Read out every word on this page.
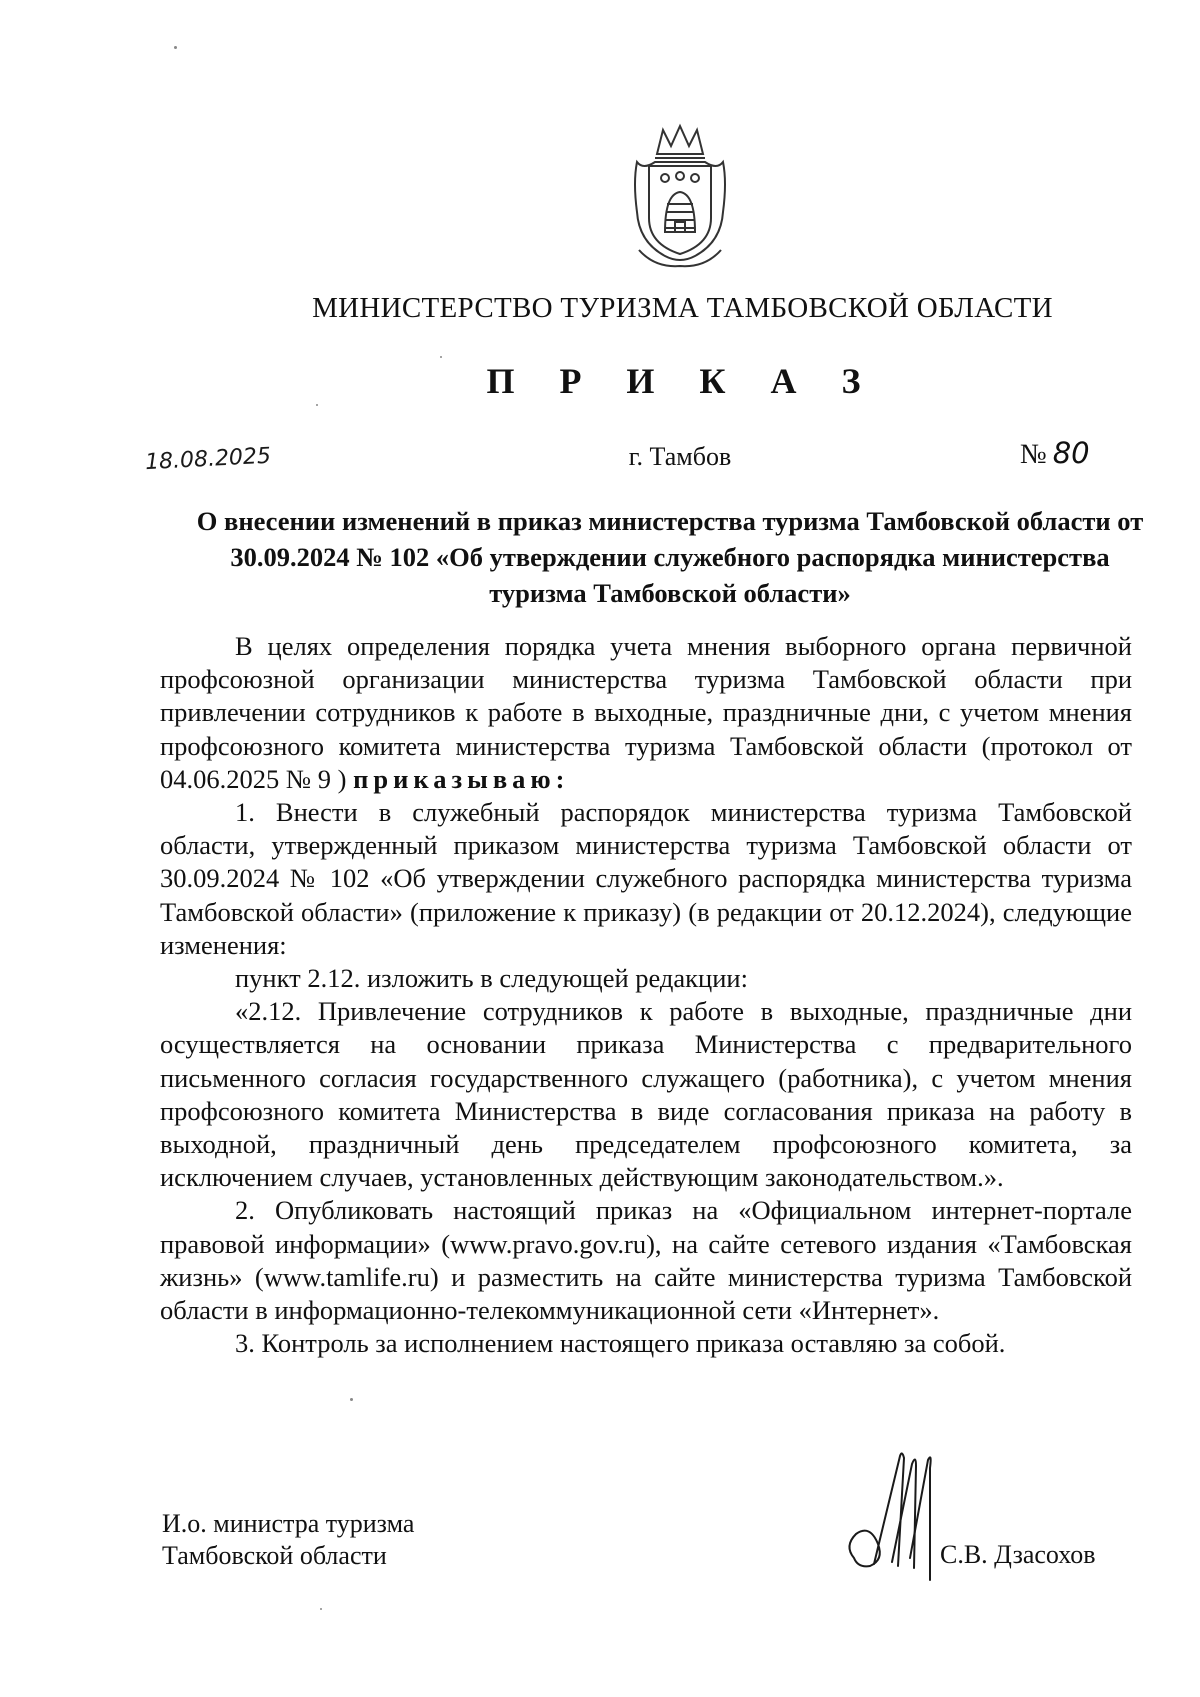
МИНИСТЕРСТВО ТУРИЗМА ТАМБОВСКОЙ ОБЛАСТИ
П Р И К А З
18.08.2025	г. Тамбов	№ 80
О внесении изменений в приказ министерства туризма Тамбовской области от 30.09.2024 № 102 «Об утверждении служебного распорядка министерства туризма Тамбовской области»

В целях определения порядка учета мнения выборного органа первичной профсоюзной организации министерства туризма Тамбовской области при привлечении сотрудников к работе в выходные, праздничные дни, с учетом мнения профсоюзного комитета министерства туризма Тамбовской области (протокол от 04.06.2025 № 9 ) приказываю:

1. Внести в служебный распорядок министерства туризма Тамбовской области, утвержденный приказом министерства туризма Тамбовской области от 30.09.2024 № 102 «Об утверждении служебного распорядка министерства туризма Тамбовской области» (приложение к приказу) (в редакции от 20.12.2024), следующие изменения:

пункт 2.12. изложить в следующей редакции:

«2.12. Привлечение сотрудников к работе в выходные, праздничные дни осуществляется на основании приказа Министерства с предварительного письменного согласия государственного служащего (работника), с учетом мнения профсоюзного комитета Министерства в виде согласования приказа на работу в выходной, праздничный день председателем профсоюзного комитета, за исключением случаев, установленных действующим законодательством.».

2. Опубликовать настоящий приказ на «Официальном интернет-портале правовой информации» (www.pravo.gov.ru), на сайте сетевого издания «Тамбовская жизнь» (www.tamlife.ru) и разместить на сайте министерства туризма Тамбовской области в информационно-телекоммуникационной сети «Интернет».

3. Контроль за исполнением настоящего приказа оставляю за собой.

И.о. министра туризма
Тамбовской области	С.В. Дзасохов
